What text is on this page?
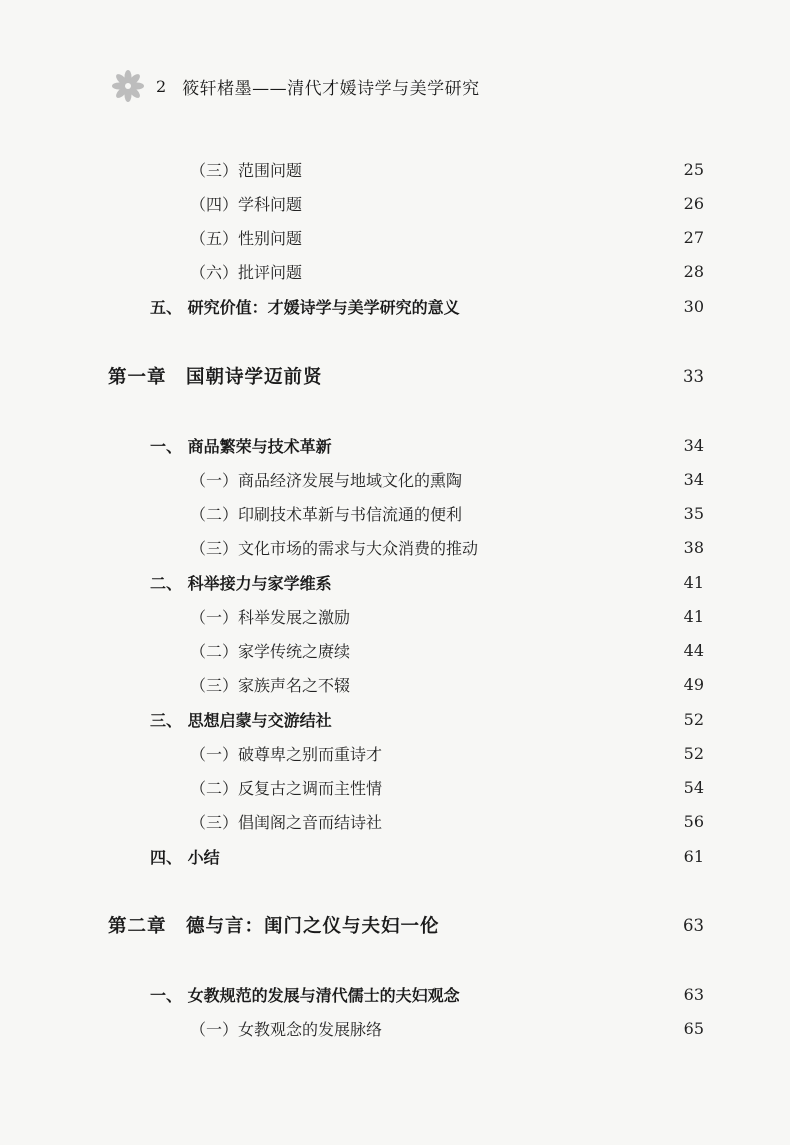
2 筱轩楮墨——清代才媛诗学与美学研究
（三）范围问题	25
（四）学科问题	26
（五）性别问题	27
（六）批评问题	28
五、 研究价值：才媛诗学与美学研究的意义	30
第一章　国朝诗学迈前贤	33
一、 商品繁荣与技术革新	34
（一）商品经济发展与地域文化的熏陶	34
（二）印刷技术革新与书信流通的便利	35
（三）文化市场的需求与大众消费的推动	38
二、 科举接力与家学维系	41
（一）科举发展之激励	41
（二）家学传统之赓续	44
（三）家族声名之不辍	49
三、 思想启蒙与交游结社	52
（一）破尊卑之别而重诗才	52
（二）反复古之调而主性情	54
（三）倡闺阁之音而结诗社	56
四、 小结	61
第二章　德与言：闺门之仪与夫妇一伦	63
一、 女教规范的发展与清代儒士的夫妇观念	63
（一）女教观念的发展脉络	65
